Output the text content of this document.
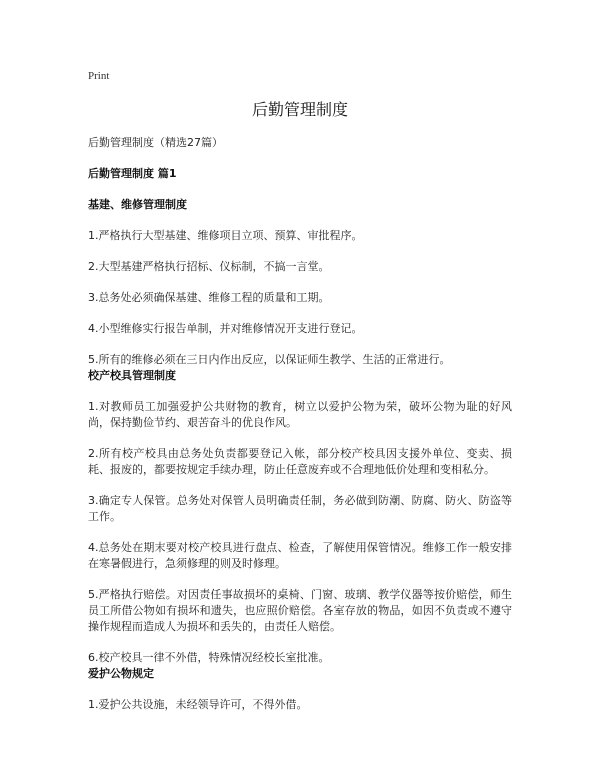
Print
后勤管理制度

后勤管理制度（精选27篇）

后勤管理制度 篇1

基建、维修管理制度

1.严格执行大型基建、维修项目立项、预算、审批程序。

2.大型基建严格执行招标、仪标制，不搞一言堂。

3.总务处必须确保基建、维修工程的质量和工期。

4.小型维修实行报告单制，并对维修情况开支进行登记。

5.所有的维修必须在三日内作出反应，以保证师生教学、生活的正常进行。

校产校具管理制度

1.对教师员工加强爱护公共财物的教育，树立以爱护公物为荣，破坏公物为耻的好风尚，保持勤俭节约、艰苦奋斗的优良作风。

2.所有校产校具由总务处负责都要登记入帐，部分校产校具因支援外单位、变卖、损耗、报废的，都要按规定手续办理，防止任意废弃或不合理地低价处理和变相私分。

3.确定专人保管。总务处对保管人员明确责任制，务必做到防潮、防腐、防火、防盗等工作。

4.总务处在期末要对校产校具进行盘点、检查，了解使用保管情况。维修工作一般安排在寒暑假进行，急须修理的则及时修理。

5.严格执行赔偿。对因责任事故损坏的桌椅、门窗、玻璃、教学仪器等按价赔偿，师生员工所借公物如有损坏和遗失，也应照价赔偿。各室存放的物品，如因不负责或不遵守操作规程而造成人为损坏和丢失的，由责任人赔偿。

6.校产校具一律不外借，特殊情况经校长室批准。

爱护公物规定

1.爱护公共设施，未经领导许可，不得外借。
